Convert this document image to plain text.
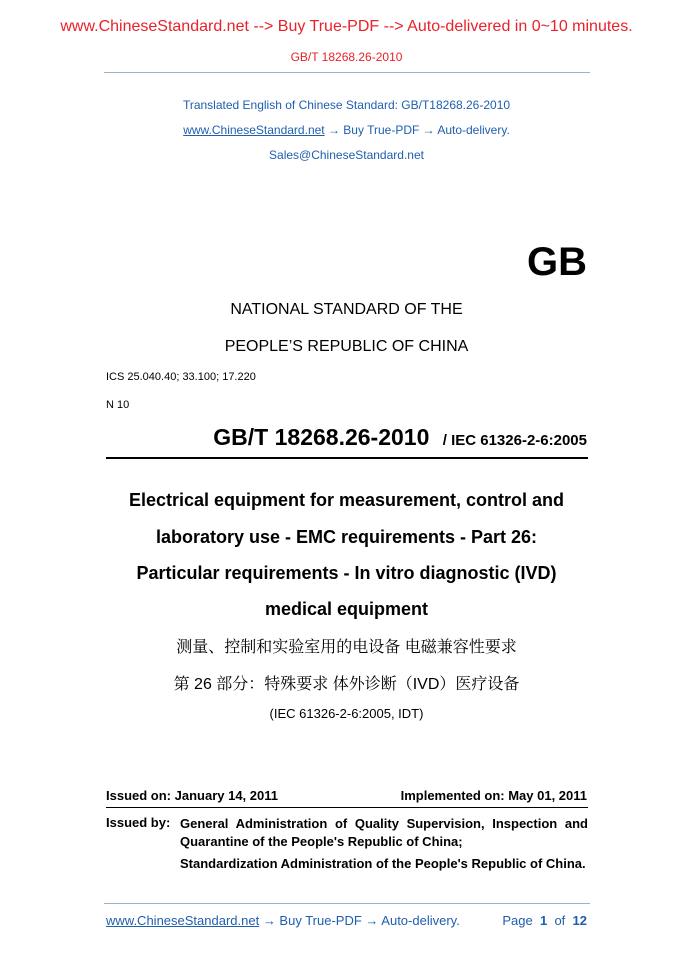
www.ChineseStandard.net --> Buy True-PDF --> Auto-delivered in 0~10 minutes.
GB/T 18268.26-2010
Translated English of Chinese Standard: GB/T18268.26-2010
www.ChineseStandard.net → Buy True-PDF → Auto-delivery.
Sales@ChineseStandard.net
GB
NATIONAL STANDARD OF THE
PEOPLE’S REPUBLIC OF CHINA
ICS 25.040.40; 33.100; 17.220
N 10
GB/T 18268.26-2010 / IEC 61326-2-6:2005
Electrical equipment for measurement, control and
laboratory use - EMC requirements - Part 26:
Particular requirements - In vitro diagnostic (IVD)
medical equipment
测量、控制和实验室用的电设备 电磁兼容性要求
第 26 部分：特殊要求 体外诊断（IVD）医疗设备
(IEC 61326-2-6:2005, IDT)
Issued on: January 14, 2011	Implemented on: May 01, 2011
Issued by: General Administration of Quality Supervision, Inspection and Quarantine of the People's Republic of China;
Standardization Administration of the People's Republic of China.
www.ChineseStandard.net → Buy True-PDF → Auto-delivery.	Page 1 of 12
